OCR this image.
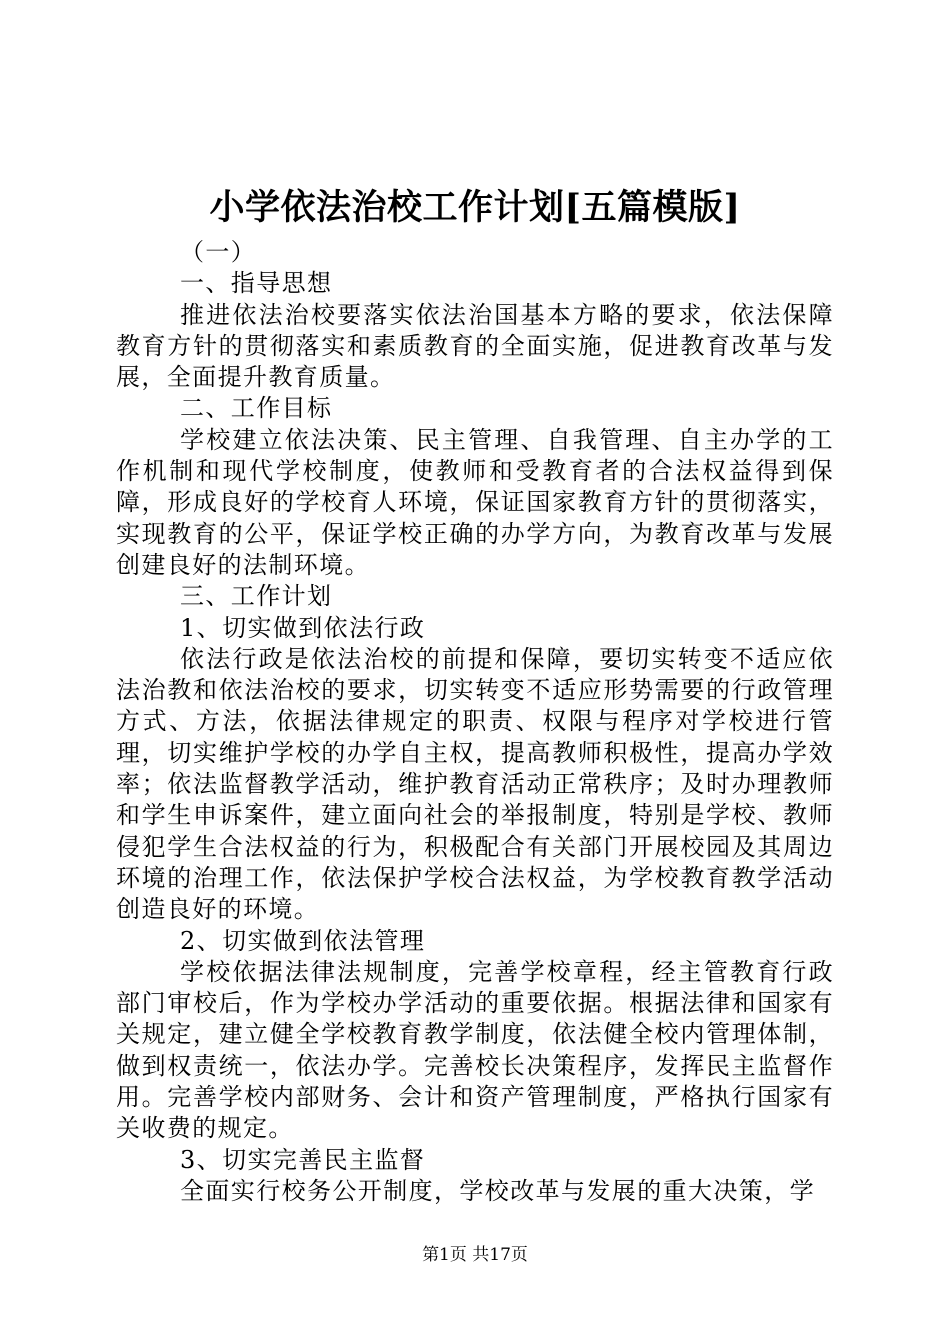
小学依法治校工作计划[五篇模版]

（一）

一、指导思想

推进依法治校要落实依法治国基本方略的要求，依法保障教育方针的贯彻落实和素质教育的全面实施，促进教育改革与发展，全面提升教育质量。

二、工作目标

学校建立依法决策、民主管理、自我管理、自主办学的工作机制和现代学校制度，使教师和受教育者的合法权益得到保障，形成良好的学校育人环境，保证国家教育方针的贯彻落实，实现教育的公平，保证学校正确的办学方向，为教育改革与发展创建良好的法制环境。

三、工作计划

1、切实做到依法行政

依法行政是依法治校的前提和保障，要切实转变不适应依法治教和依法治校的要求，切实转变不适应形势需要的行政管理方式、方法，依据法律规定的职责、权限与程序对学校进行管理，切实维护学校的办学自主权，提高教师积极性，提高办学效率；依法监督教学活动，维护教育活动正常秩序；及时办理教师和学生申诉案件，建立面向社会的举报制度，特别是学校、教师侵犯学生合法权益的行为，积极配合有关部门开展校园及其周边环境的治理工作，依法保护学校合法权益，为学校教育教学活动创造良好的环境。

2、切实做到依法管理

学校依据法律法规制度，完善学校章程，经主管教育行政部门审校后，作为学校办学活动的重要依据。根据法律和国家有关规定，建立健全学校教育教学制度，依法健全校内管理体制，做到权责统一，依法办学。完善校长决策程序，发挥民主监督作用。完善学校内部财务、会计和资产管理制度，严格执行国家有关收费的规定。

3、切实完善民主监督

全面实行校务公开制度，学校改革与发展的重大决策，学

第1页 共17页
